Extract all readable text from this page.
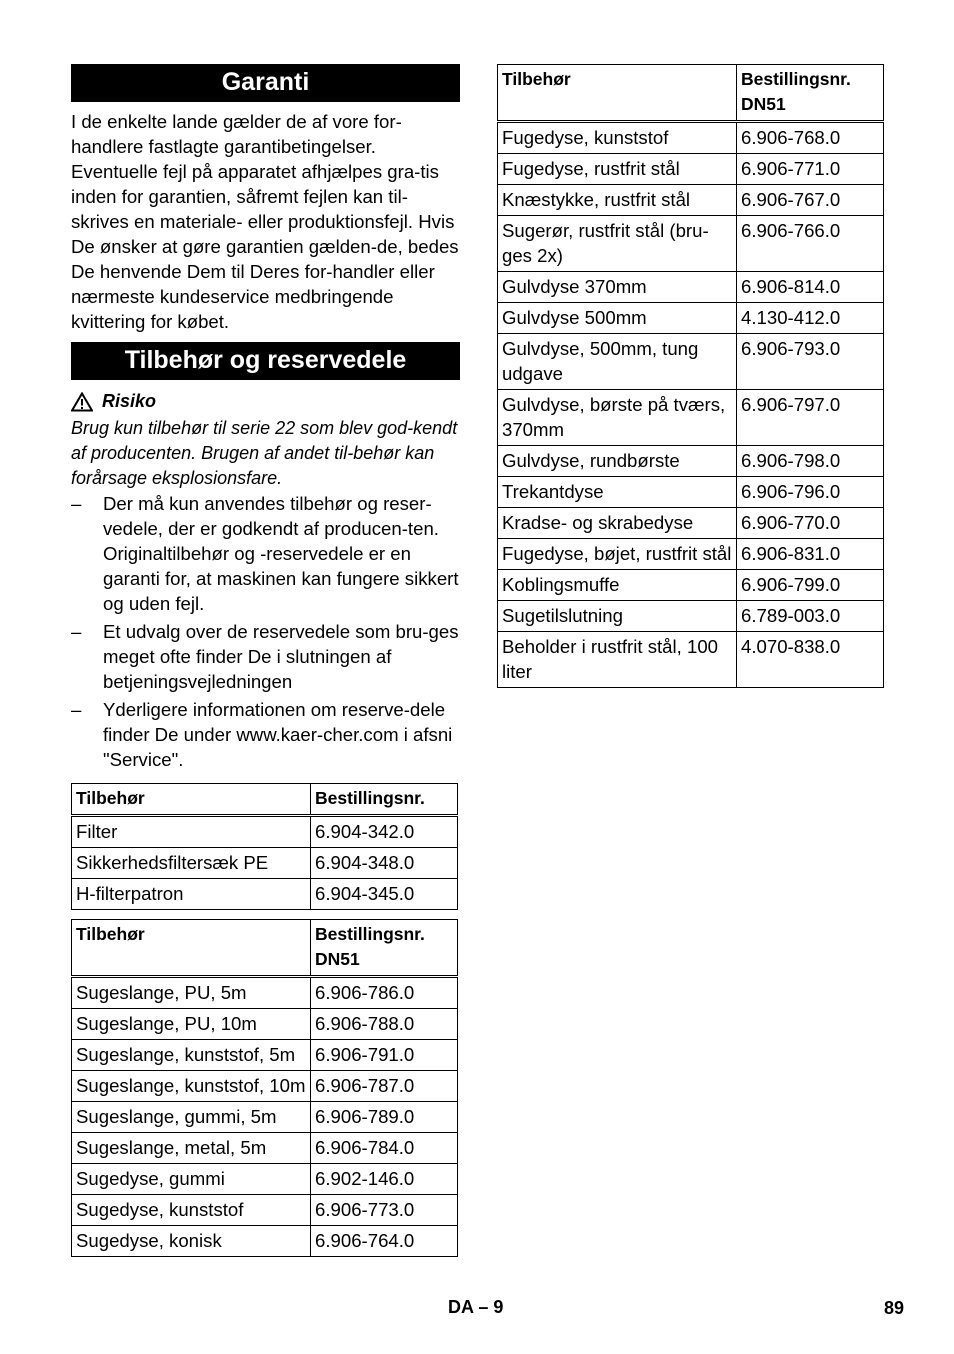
Garanti

I de enkelte lande gælder de af vore for-handlere fastlagte garantibetingelser. Eventuelle fejl på apparatet afhjælpes gra-tis inden for garantien, såfremt fejlen kan til-skrives en materiale- eller produktionsfejl. Hvis De ønsker at gøre garantien gælden-de, bedes De henvende Dem til Deres for-handler eller nærmeste kundeservice medbringende kvittering for købet.

Tilbehør og reservedele
Risiko

Brug kun tilbehør til serie 22 som blev god-kendt af producenten. Brugen af andet til-behør kan forårsage eksplosionsfare.

– Der må kun anvendes tilbehør og reser-vedele, der er godkendt af producen-ten. Originaltilbehør og -reservedele er en garanti for, at maskinen kan fungere sikkert og uden fejl.
– Et udvalg over de reservedele som bru-ges meget ofte finder De i slutningen af betjeningsvejledningen
– Yderligere informationen om reserve-dele finder De under www.kaer-cher.com i afsni "Service".
Tilbehør	Bestillingsnr.
Filter	6.904-342.0
Sikkerhedsfiltersæk PE	6.904-348.0
H-filterpatron	6.904-345.0
Tilbehør	Bestillingsnr. DN51
Sugeslange, PU, 5m	6.906-786.0
Sugeslange, PU, 10m	6.906-788.0
Sugeslange, kunststof, 5m	6.906-791.0
Sugeslange, kunststof, 10m	6.906-787.0
Sugeslange, gummi, 5m	6.906-789.0
Sugeslange, metal, 5m	6.906-784.0
Sugedyse, gummi	6.902-146.0
Sugedyse, kunststof	6.906-773.0
Sugedyse, konisk	6.906-764.0
Tilbehør	Bestillingsnr. DN51
Fugedyse, kunststof	6.906-768.0
Fugedyse, rustfrit stål	6.906-771.0
Knæstykke, rustfrit stål	6.906-767.0
Sugerør, rustfrit stål (bru-ges 2x)	6.906-766.0
Gulvdyse 370mm	6.906-814.0
Gulvdyse 500mm	4.130-412.0
Gulvdyse, 500mm, tung udgave	6.906-793.0
Gulvdyse, børste på tværs, 370mm	6.906-797.0
Gulvdyse, rundbørste	6.906-798.0
Trekantdyse	6.906-796.0
Kradse- og skrabedyse	6.906-770.0
Fugedyse, bøjet, rustfrit stål	6.906-831.0
Koblingsmuffe	6.906-799.0
Sugetilslutning	6.789-003.0
Beholder i rustfrit stål, 100 liter	4.070-838.0
DA – 9	89
